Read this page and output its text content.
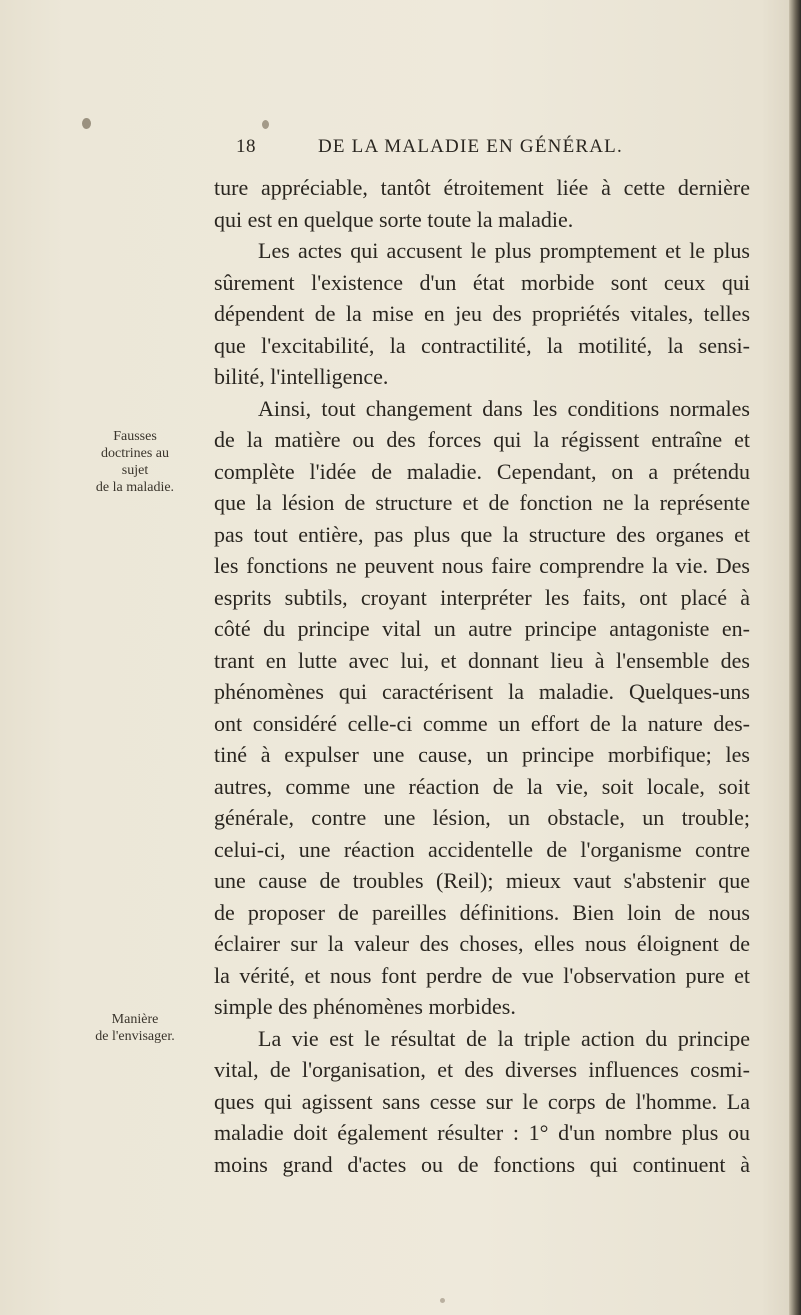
18	DE LA MALADIE EN GÉNÉRAL.
Fausses
doctrines au
sujet
de la maladie.
Manière
de l'envisager.
ture appréciable, tantôt étroitement liée à cette dernière
qui est en quelque sorte toute la maladie.
Les actes qui accusent le plus promptement et le plus
sûrement l'existence d'un état morbide sont ceux qui
dépendent de la mise en jeu des propriétés vitales, telles
que l'excitabilité, la contractilité, la motilité, la sensi-
bilité, l'intelligence.
Ainsi, tout changement dans les conditions normales
de la matière ou des forces qui la régissent entraîne et
complète l'idée de maladie. Cependant, on a prétendu
que la lésion de structure et de fonction ne la représente
pas tout entière, pas plus que la structure des organes et
les fonctions ne peuvent nous faire comprendre la vie. Des
esprits subtils, croyant interpréter les faits, ont placé à
côté du principe vital un autre principe antagoniste en-
trant en lutte avec lui, et donnant lieu à l'ensemble des
phénomènes qui caractérisent la maladie. Quelques-uns
ont considéré celle-ci comme un effort de la nature des-
tiné à expulser une cause, un principe morbifique; les
autres, comme une réaction de la vie, soit locale, soit
générale, contre une lésion, un obstacle, un trouble;
celui-ci, une réaction accidentelle de l'organisme contre
une cause de troubles (Reil); mieux vaut s'abstenir que
de proposer de pareilles définitions. Bien loin de nous
éclairer sur la valeur des choses, elles nous éloignent de
la vérité, et nous font perdre de vue l'observation pure et
simple des phénomènes morbides.
La vie est le résultat de la triple action du principe
vital, de l'organisation, et des diverses influences cosmi-
ques qui agissent sans cesse sur le corps de l'homme. La
maladie doit également résulter : 1° d'un nombre plus ou
moins grand d'actes ou de fonctions qui continuent à
